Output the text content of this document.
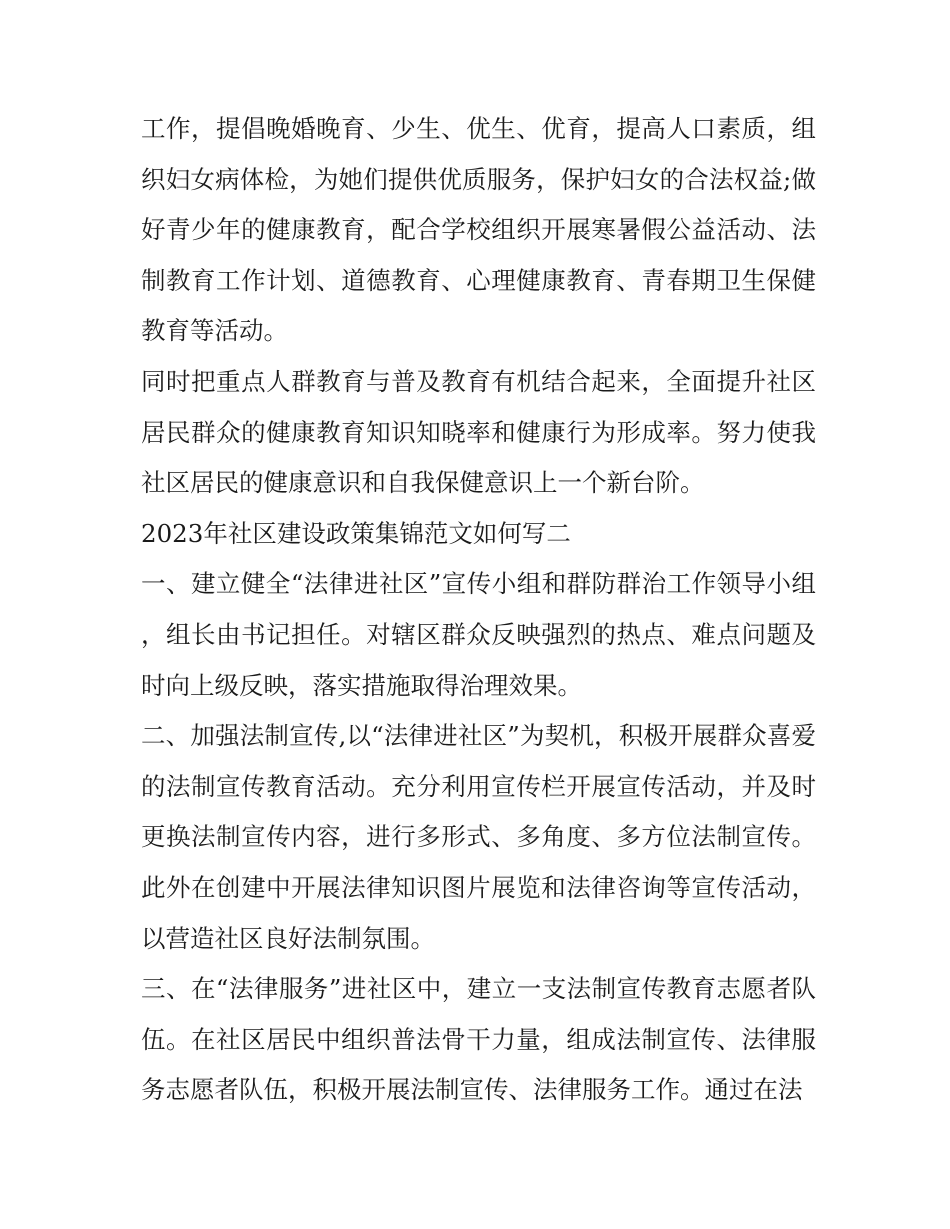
工作，提倡晚婚晚育、少生、优生、优育，提高人口素质，组织妇女病体检，为她们提供优质服务，保护妇女的合法权益;做好青少年的健康教育，配合学校组织开展寒暑假公益活动、法制教育工作计划、道德教育、心理健康教育、青春期卫生保健教育等活动。

同时把重点人群教育与普及教育有机结合起来，全面提升社区居民群众的健康教育知识知晓率和健康行为形成率。努力使我社区居民的健康意识和自我保健意识上一个新台阶。

2023年社区建设政策集锦范文如何写二

一、建立健全“法律进社区”宣传小组和群防群治工作领导小组，组长由书记担任。对辖区群众反映强烈的热点、难点问题及时向上级反映，落实措施取得治理效果。

二、加强法制宣传,以“法律进社区”为契机，积极开展群众喜爱的法制宣传教育活动。充分利用宣传栏开展宣传活动，并及时更换法制宣传内容，进行多形式、多角度、多方位法制宣传。此外在创建中开展法律知识图片展览和法律咨询等宣传活动，以营造社区良好法制氛围。

三、在“法律服务”进社区中，建立一支法制宣传教育志愿者队伍。在社区居民中组织普法骨干力量，组成法制宣传、法律服务志愿者队伍，积极开展法制宣传、法律服务工作。通过在法
